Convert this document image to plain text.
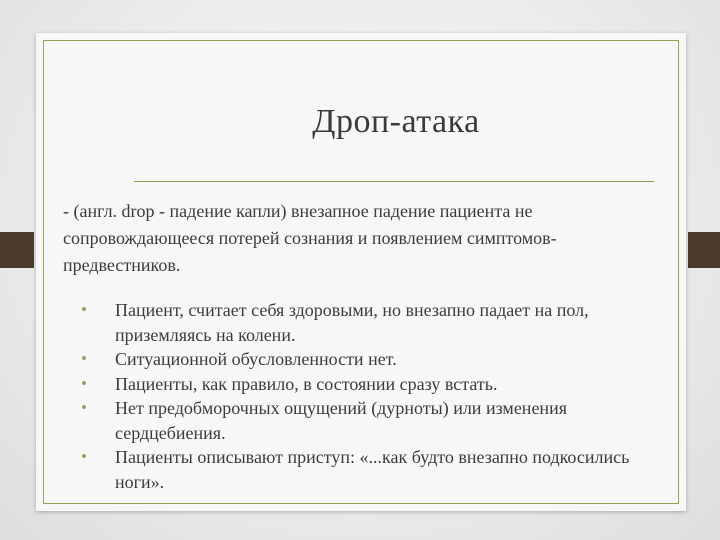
Дроп-атака
- (англ. drop - падение капли) внезапное падение пациента не сопровождающееся потерей сознания и появлением симптомов-предвестников.
• Пациент, считает себя здоровыми, но внезапно падает на пол, приземляясь на колени.
• Ситуационной обусловленности нет.
• Пациенты, как правило, в состоянии сразу встать.
• Нет предобморочных ощущений (дурноты) или изменения сердцебиения.
• Пациенты описывают приступ: «...как будто внезапно подкосились ноги».
